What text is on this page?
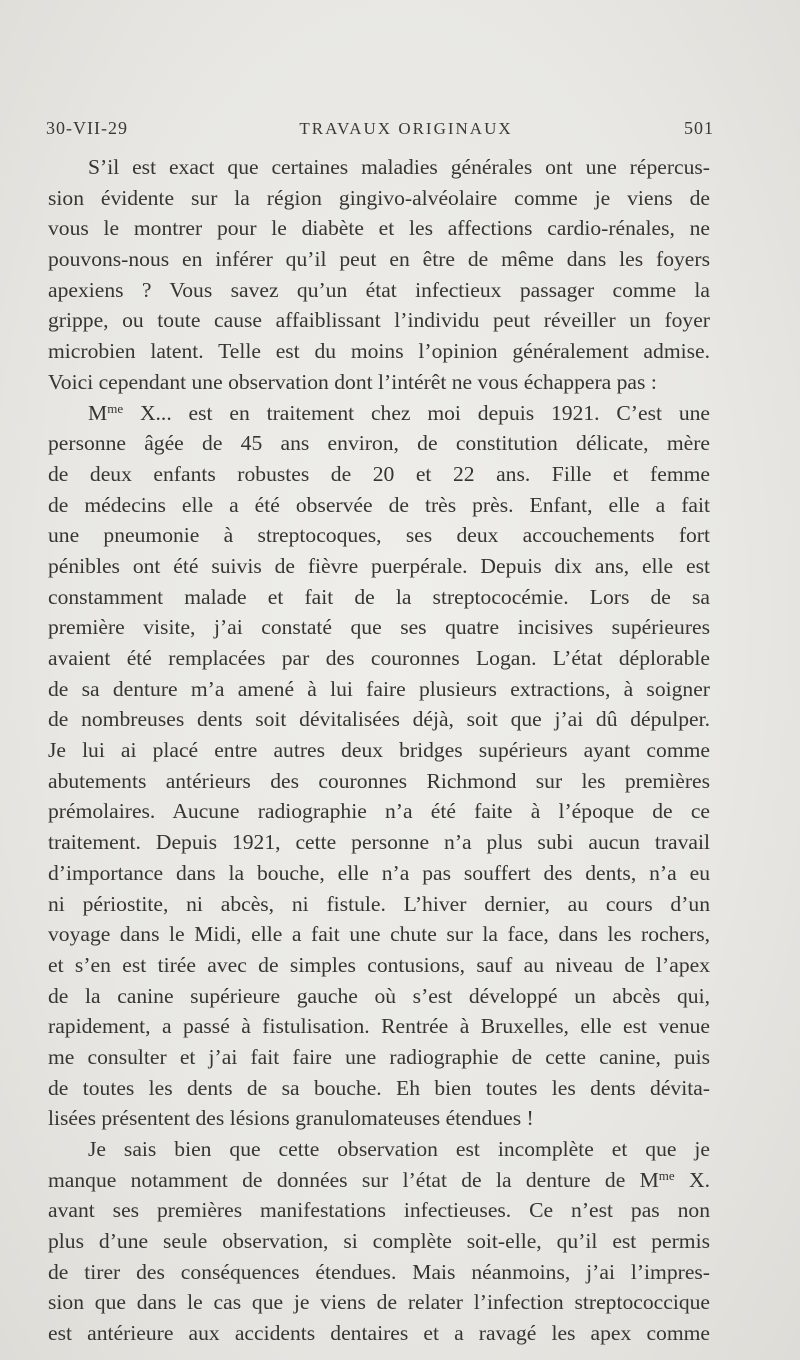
30-VII-29	TRAVAUX ORIGINAUX	501
S’il est exact que certaines maladies générales ont une répercus-
sion évidente sur la région gingivo-alvéolaire comme je viens de
vous le montrer pour le diabète et les affections cardio-rénales, ne
pouvons-nous en inférer qu’il peut en être de même dans les foyers
apexiens ? Vous savez qu’un état infectieux passager comme la
grippe, ou toute cause affaiblissant l’individu peut réveiller un foyer
microbien latent. Telle est du moins l’opinion généralement admise.
Voici cependant une observation dont l’intérêt ne vous échappera pas :
$M^{me}$ X... est en traitement chez moi depuis 1921. C’est une
personne âgée de 45 ans environ, de constitution délicate, mère
de deux enfants robustes de 20 et 22 ans. Fille et femme
de médecins elle a été observée de très près. Enfant, elle a fait
une pneumonie à streptocoques, ses deux accouchements fort
pénibles ont été suivis de fièvre puerpérale. Depuis dix ans, elle est
constamment malade et fait de la streptococémie. Lors de sa
première visite, j’ai constaté que ses quatre incisives supérieures
avaient été remplacées par des couronnes Logan. L’état déplorable
de sa denture m’a amené à lui faire plusieurs extractions, à soigner
de nombreuses dents soit dévitalisées déjà, soit que j’ai dû dépulper.
Je lui ai placé entre autres deux bridges supérieurs ayant comme
abutements antérieurs des couronnes Richmond sur les premières
prémolaires. Aucune radiographie n’a été faite à l’époque de ce
traitement. Depuis 1921, cette personne n’a plus subi aucun travail
d’importance dans la bouche, elle n’a pas souffert des dents, n’a eu
ni périostite, ni abcès, ni fistule. L’hiver dernier, au cours d’un
voyage dans le Midi, elle a fait une chute sur la face, dans les rochers,
et s’en est tirée avec de simples contusions, sauf au niveau de l’apex
de la canine supérieure gauche où s’est développé un abcès qui,
rapidement, a passé à fistulisation. Rentrée à Bruxelles, elle est venue
me consulter et j’ai fait faire une radiographie de cette canine, puis
de toutes les dents de sa bouche. Eh bien toutes les dents dévita-
lisées présentent des lésions granulomateuses étendues !
Je sais bien que cette observation est incomplète et que je
manque notamment de données sur l’état de la denture de $M^{me}$ X.
avant ses premières manifestations infectieuses. Ce n’est pas non
plus d’une seule observation, si complète soit-elle, qu’il est permis
de tirer des conséquences étendues. Mais néanmoins, j’ai l’impres-
sion que dans le cas que je viens de relater l’infection streptococcique
est antérieure aux accidents dentaires et a ravagé les apex comme
